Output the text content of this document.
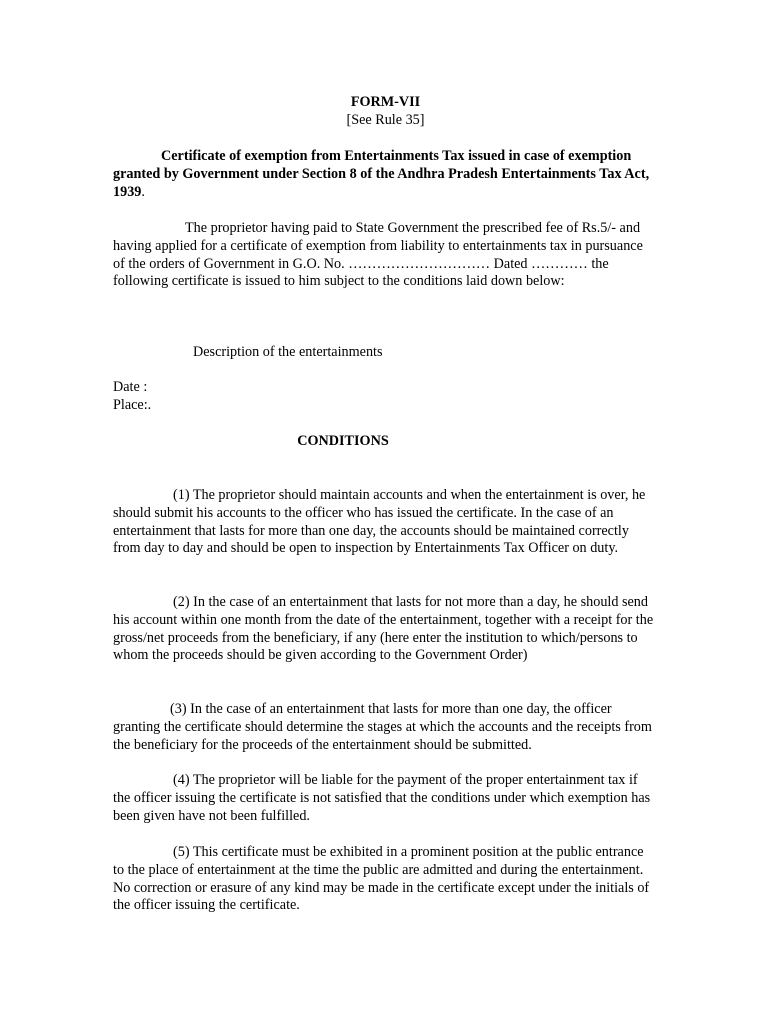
FORM-VII

[See Rule 35]

Certificate of exemption from Entertainments Tax issued in case of exemption granted by Government under Section 8 of the Andhra Pradesh Entertainments Tax Act, 1939.

The proprietor having paid to State Government the prescribed fee of Rs.5/- and having applied for a certificate of exemption from liability to entertainments tax in pursuance of the orders of Government in G.O. No. ………………………… Dated ………… the following certificate is issued to him subject to the conditions laid down below:

Description of the entertainments

Date :
Place:.

CONDITIONS

(1) The proprietor should maintain accounts and when the entertainment is over, he should submit his accounts to the officer who has issued the certificate. In the case of an entertainment that lasts for more than one day, the accounts should be maintained correctly from day to day and should be open to inspection by Entertainments Tax Officer on duty.

(2) In the case of an entertainment that lasts for not more than a day, he should send his account within one month from the date of the entertainment, together with a receipt for the gross/net proceeds from the beneficiary, if any (here enter the institution to which/persons to whom the proceeds should be given according to the Government Order)

(3) In the case of an entertainment that lasts for more than one day, the officer granting the certificate should determine the stages at which the accounts and the receipts from the beneficiary for the proceeds of the entertainment should be submitted.

(4) The proprietor will be liable for the payment of the proper entertainment tax if the officer issuing the certificate is not satisfied that the conditions under which exemption has been given have not been fulfilled.

(5) This certificate must be exhibited in a prominent position at the public entrance to the place of entertainment at the time the public are admitted and during the entertainment. No correction or erasure of any kind may be made in the certificate except under the initials of the officer issuing the certificate.
